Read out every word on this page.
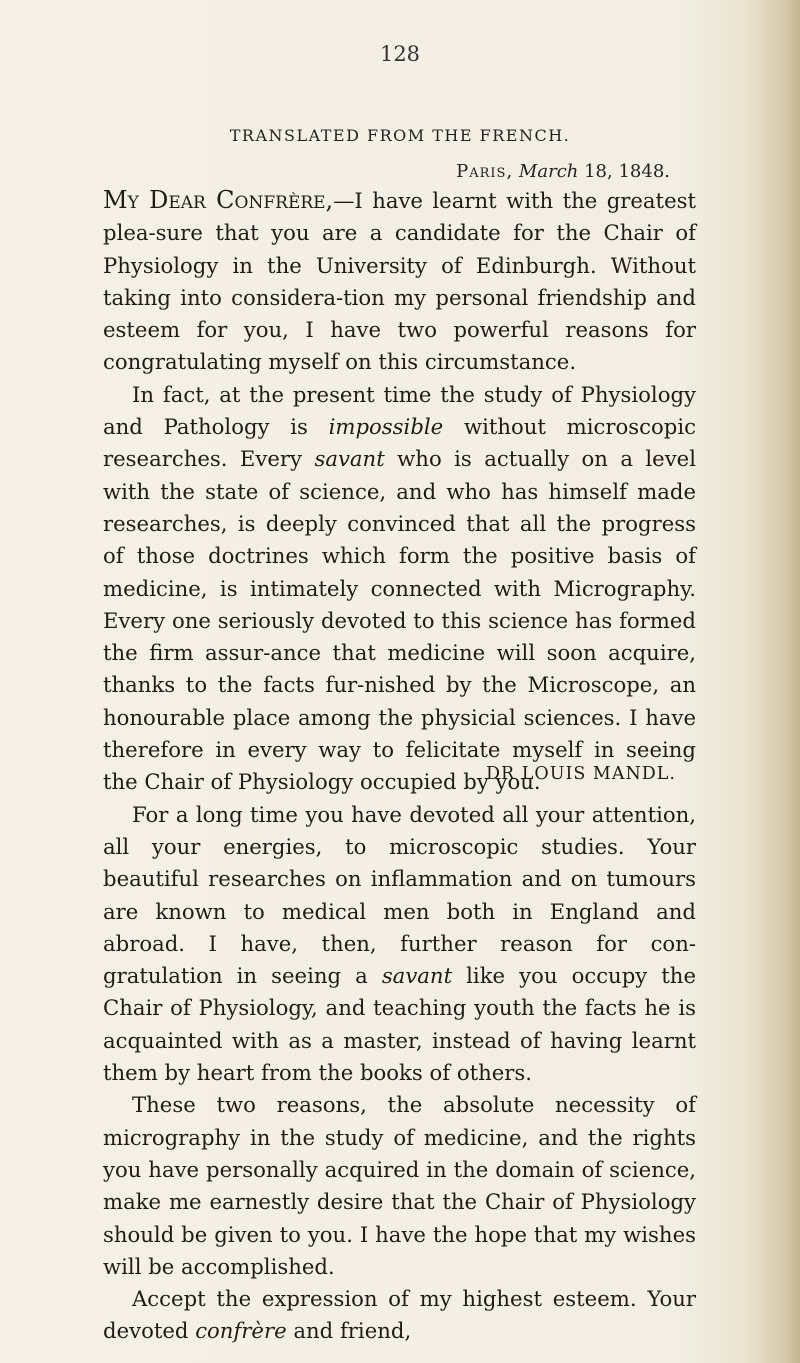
128
TRANSLATED FROM THE FRENCH.
Paris, March 18, 1848.

My Dear Confrère,—I have learnt with the greatest plea-sure that you are a candidate for the Chair of Physiology in the University of Edinburgh. Without taking into considera-tion my personal friendship and esteem for you, I have two powerful reasons for congratulating myself on this circumstance.

In fact, at the present time the study of Physiology and Pathology is impossible without microscopic researches. Every savant who is actually on a level with the state of science, and who has himself made researches, is deeply convinced that all the progress of those doctrines which form the positive basis of medicine, is intimately connected with Micrography. Every one seriously devoted to this science has formed the firm assur-ance that medicine will soon acquire, thanks to the facts fur-nished by the Microscope, an honourable place among the physicial sciences. I have therefore in every way to felicitate myself in seeing the Chair of Physiology occupied by you.

For a long time you have devoted all your attention, all your energies, to microscopic studies. Your beautiful researches on inflammation and on tumours are known to medical men both in England and abroad. I have, then, further reason for con-gratulation in seeing a savant like you occupy the Chair of Physiology, and teaching youth the facts he is acquainted with as a master, instead of having learnt them by heart from the books of others.

These two reasons, the absolute necessity of micrography in the study of medicine, and the rights you have personally acquired in the domain of science, make me earnestly desire that the Chair of Physiology should be given to you. I have the hope that my wishes will be accomplished.

Accept the expression of my highest esteem. Your devoted confrère and friend,

DR LOUIS MANDL.
